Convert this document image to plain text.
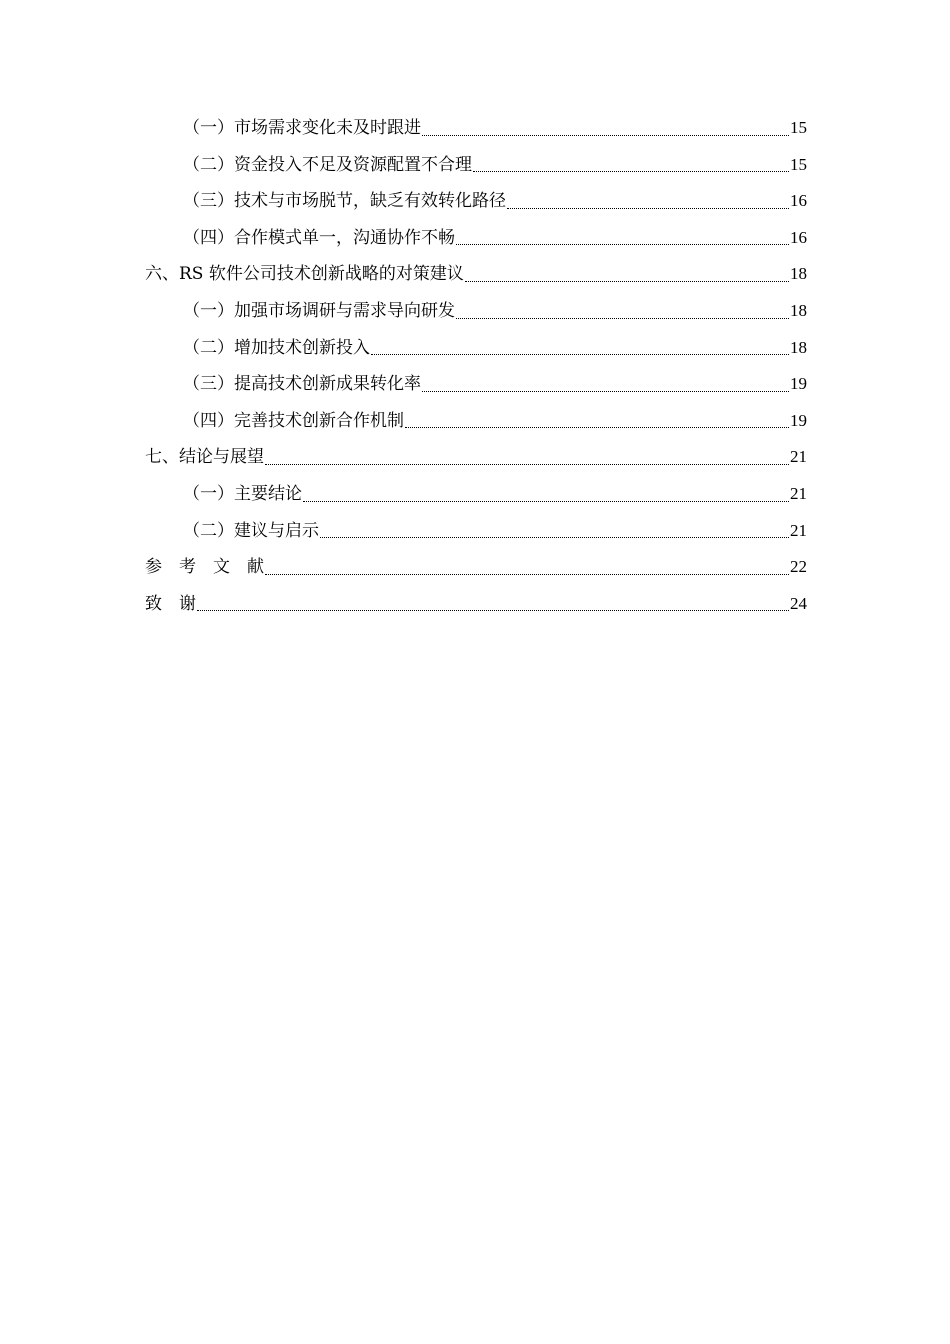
（一）市场需求变化未及时跟进	15
（二）资金投入不足及资源配置不合理	15
（三）技术与市场脱节，缺乏有效转化路径	16
（四）合作模式单一，沟通协作不畅	16
六、RS 软件公司技术创新战略的对策建议	18
（一）加强市场调研与需求导向研发	18
（二）增加技术创新投入	18
（三）提高技术创新成果转化率	19
（四）完善技术创新合作机制	19
七、结论与展望	21
（一）主要结论	21
（二）建议与启示	21
参　考　文　献	22
致　谢	24
